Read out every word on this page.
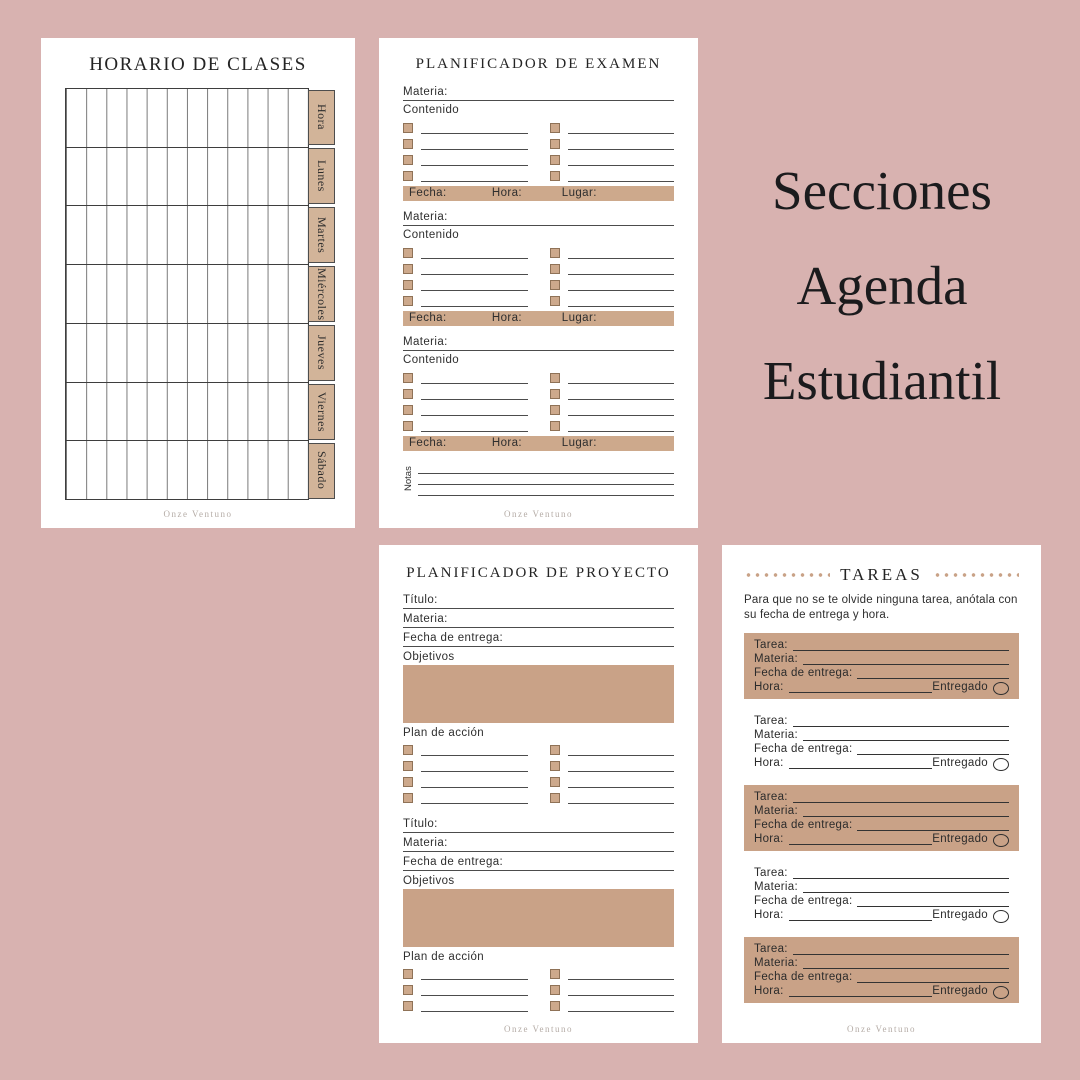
HORARIO DE CLASES
Hora
Lunes
Martes
Miércoles
Jueves
Viernes
Sábado
Onze Ventuno
PLANIFICADOR DE EXAMEN
Materia:
Contenido
Fecha:	Hora:	Lugar:
Materia:
Contenido
Fecha:	Hora:	Lugar:
Materia:
Contenido
Fecha:	Hora:	Lugar:
Notas
Onze Ventuno
PLANIFICADOR DE PROYECTO
Título:
Materia:
Fecha de entrega:
Objetivos
Plan de acción
Título:
Materia:
Fecha de entrega:
Objetivos
Plan de acción
Onze Ventuno
TAREAS

Para que no se te olvide ninguna tarea, anótala con su fecha de entrega y hora.

Tarea:
Materia:
Fecha de entrega:
Hora:	Entregado
Tarea:
Materia:
Fecha de entrega:
Hora:	Entregado
Tarea:
Materia:
Fecha de entrega:
Hora:	Entregado
Tarea:
Materia:
Fecha de entrega:
Hora:	Entregado
Tarea:
Materia:
Fecha de entrega:
Hora:	Entregado
Onze Ventuno
Secciones
Agenda
Estudiantil
